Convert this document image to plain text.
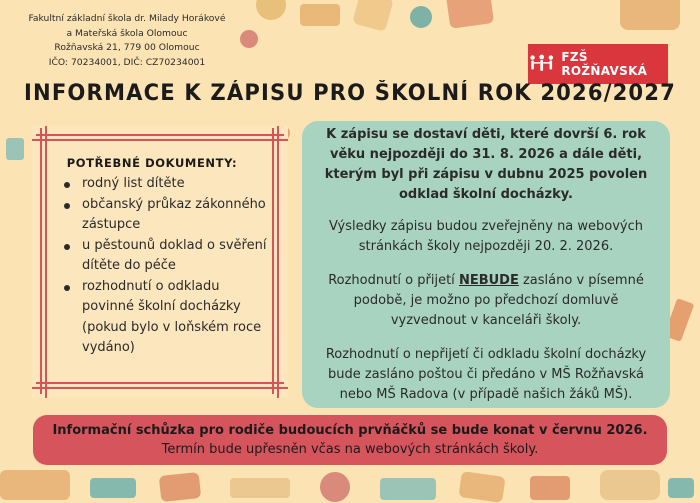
Fakultní základní škola dr. Milady Horákové
a Mateřská škola Olomouc
Rožňavská 21, 779 00 Olomouc
IČO: 70234001, DIČ: CZ70234001	FZŠ ROŽŇAVSKÁ
INFORMACE K ZÁPISU PRO ŠKOLNÍ ROK 2026/2027
POTŘEBNÉ DOKUMENTY:
rodný list dítěte
občanský průkaz zákonného zástupce
u pěstounů doklad o svěření dítěte do péče
rozhodnutí o odkladu povinné školní docházky (pokud bylo v loňském roce vydáno)

K zápisu se dostaví děti, které dovrší 6. rok věku nejpozději do 31. 8. 2026 a dále děti, kterým byl při zápisu v dubnu 2025 povolen odklad školní docházky.

Výsledky zápisu budou zveřejněny na webových stránkách školy nejpozději 20. 2. 2026.

Rozhodnutí o přijetí NEBUDE zasláno v písemné podobě, je možno po předchozí domluvě vyzvednout v kanceláři školy.

Rozhodnutí o nepřijetí či odkladu školní docházky bude zasláno poštou či předáno v MŠ Rožňavská nebo MŠ Radova (v případě našich žáků MŠ).

Informační schůzka pro rodiče budoucích prvňáčků se bude konat v červnu 2026.
Termín bude upřesněn včas na webových stránkách školy.
